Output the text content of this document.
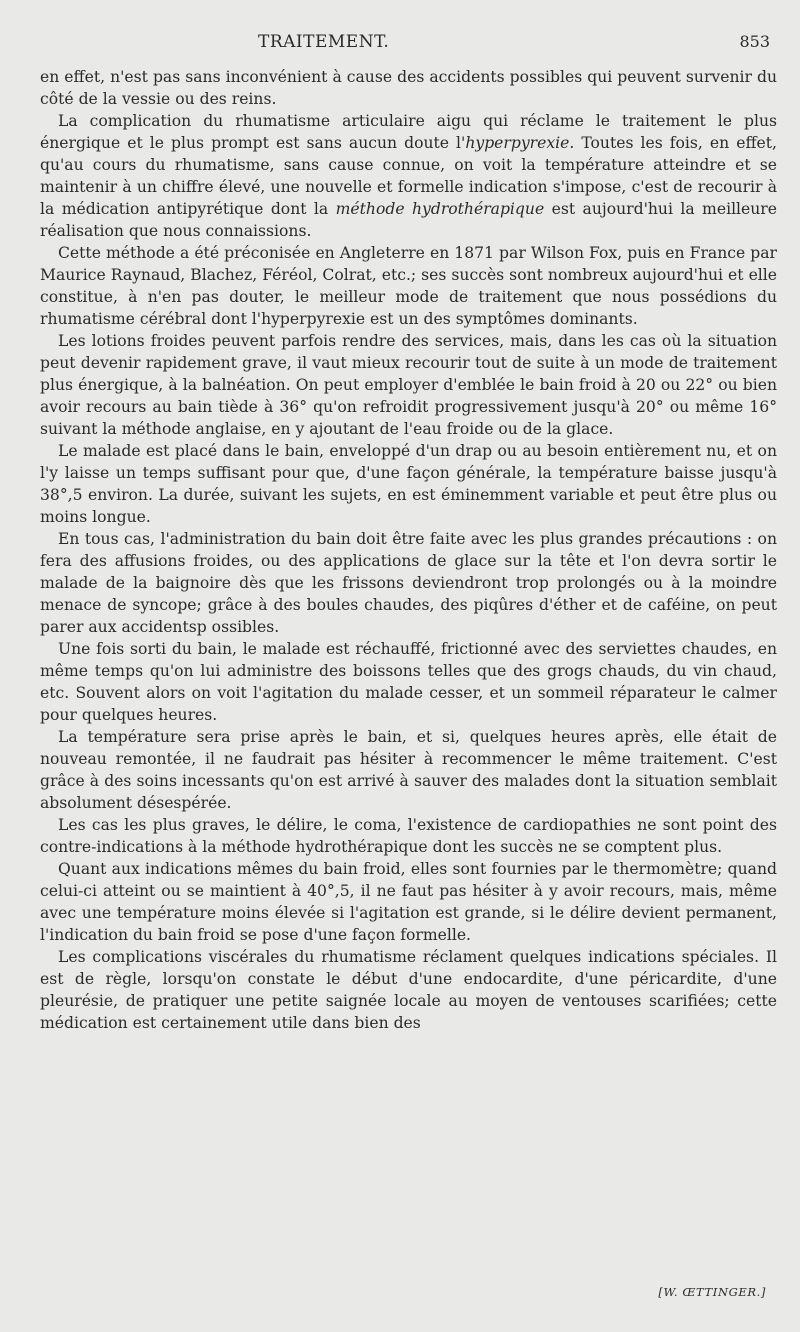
TRAITEMENT.	853

en effet, n'est pas sans inconvénient à cause des accidents possibles qui peuvent survenir du côté de la vessie ou des reins.

La complication du rhumatisme articulaire aigu qui réclame le traitement le plus énergique et le plus prompt est sans aucun doute l'hyperpyrexie. Toutes les fois, en effet, qu'au cours du rhumatisme, sans cause connue, on voit la température atteindre et se maintenir à un chiffre élevé, une nouvelle et formelle indication s'impose, c'est de recourir à la médication antipyrétique dont la méthode hydrothérapique est aujourd'hui la meilleure réalisation que nous connaissions.

Cette méthode a été préconisée en Angleterre en 1871 par Wilson Fox, puis en France par Maurice Raynaud, Blachez, Féréol, Colrat, etc.; ses succès sont nombreux aujourd'hui et elle constitue, à n'en pas douter, le meilleur mode de traitement que nous possédions du rhumatisme cérébral dont l'hyperpyrexie est un des symptômes dominants.

Les lotions froides peuvent parfois rendre des services, mais, dans les cas où la situation peut devenir rapidement grave, il vaut mieux recourir tout de suite à un mode de traitement plus énergique, à la balnéation. On peut employer d'emblée le bain froid à 20 ou 22° ou bien avoir recours au bain tiède à 36° qu'on refroidit progressivement jusqu'à 20° ou même 16° suivant la méthode anglaise, en y ajoutant de l'eau froide ou de la glace.

Le malade est placé dans le bain, enveloppé d'un drap ou au besoin entièrement nu, et on l'y laisse un temps suffisant pour que, d'une façon générale, la température baisse jusqu'à 38°,5 environ. La durée, suivant les sujets, en est éminemment variable et peut être plus ou moins longue.

En tous cas, l'administration du bain doit être faite avec les plus grandes précautions : on fera des affusions froides, ou des applications de glace sur la tête et l'on devra sortir le malade de la baignoire dès que les frissons deviendront trop prolongés ou à la moindre menace de syncope; grâce à des boules chaudes, des piqûres d'éther et de caféine, on peut parer aux accidentsp ossibles.

Une fois sorti du bain, le malade est réchauffé, frictionné avec des serviettes chaudes, en même temps qu'on lui administre des boissons telles que des grogs chauds, du vin chaud, etc. Souvent alors on voit l'agitation du malade cesser, et un sommeil réparateur le calmer pour quelques heures.

La température sera prise après le bain, et si, quelques heures après, elle était de nouveau remontée, il ne faudrait pas hésiter à recommencer le même traitement. C'est grâce à des soins incessants qu'on est arrivé à sauver des malades dont la situation semblait absolument désespérée.

Les cas les plus graves, le délire, le coma, l'existence de cardiopathies ne sont point des contre-indications à la méthode hydrothérapique dont les succès ne se comptent plus.

Quant aux indications mêmes du bain froid, elles sont fournies par le thermomètre; quand celui-ci atteint ou se maintient à 40°,5, il ne faut pas hésiter à y avoir recours, mais, même avec une température moins élevée si l'agitation est grande, si le délire devient permanent, l'indication du bain froid se pose d'une façon formelle.

Les complications viscérales du rhumatisme réclament quelques indications spéciales. Il est de règle, lorsqu'on constate le début d'une endocardite, d'une péricardite, d'une pleurésie, de pratiquer une petite saignée locale au moyen de ventouses scarifiées; cette médication est certainement utile dans bien des

[W. ŒTTINGER.]
